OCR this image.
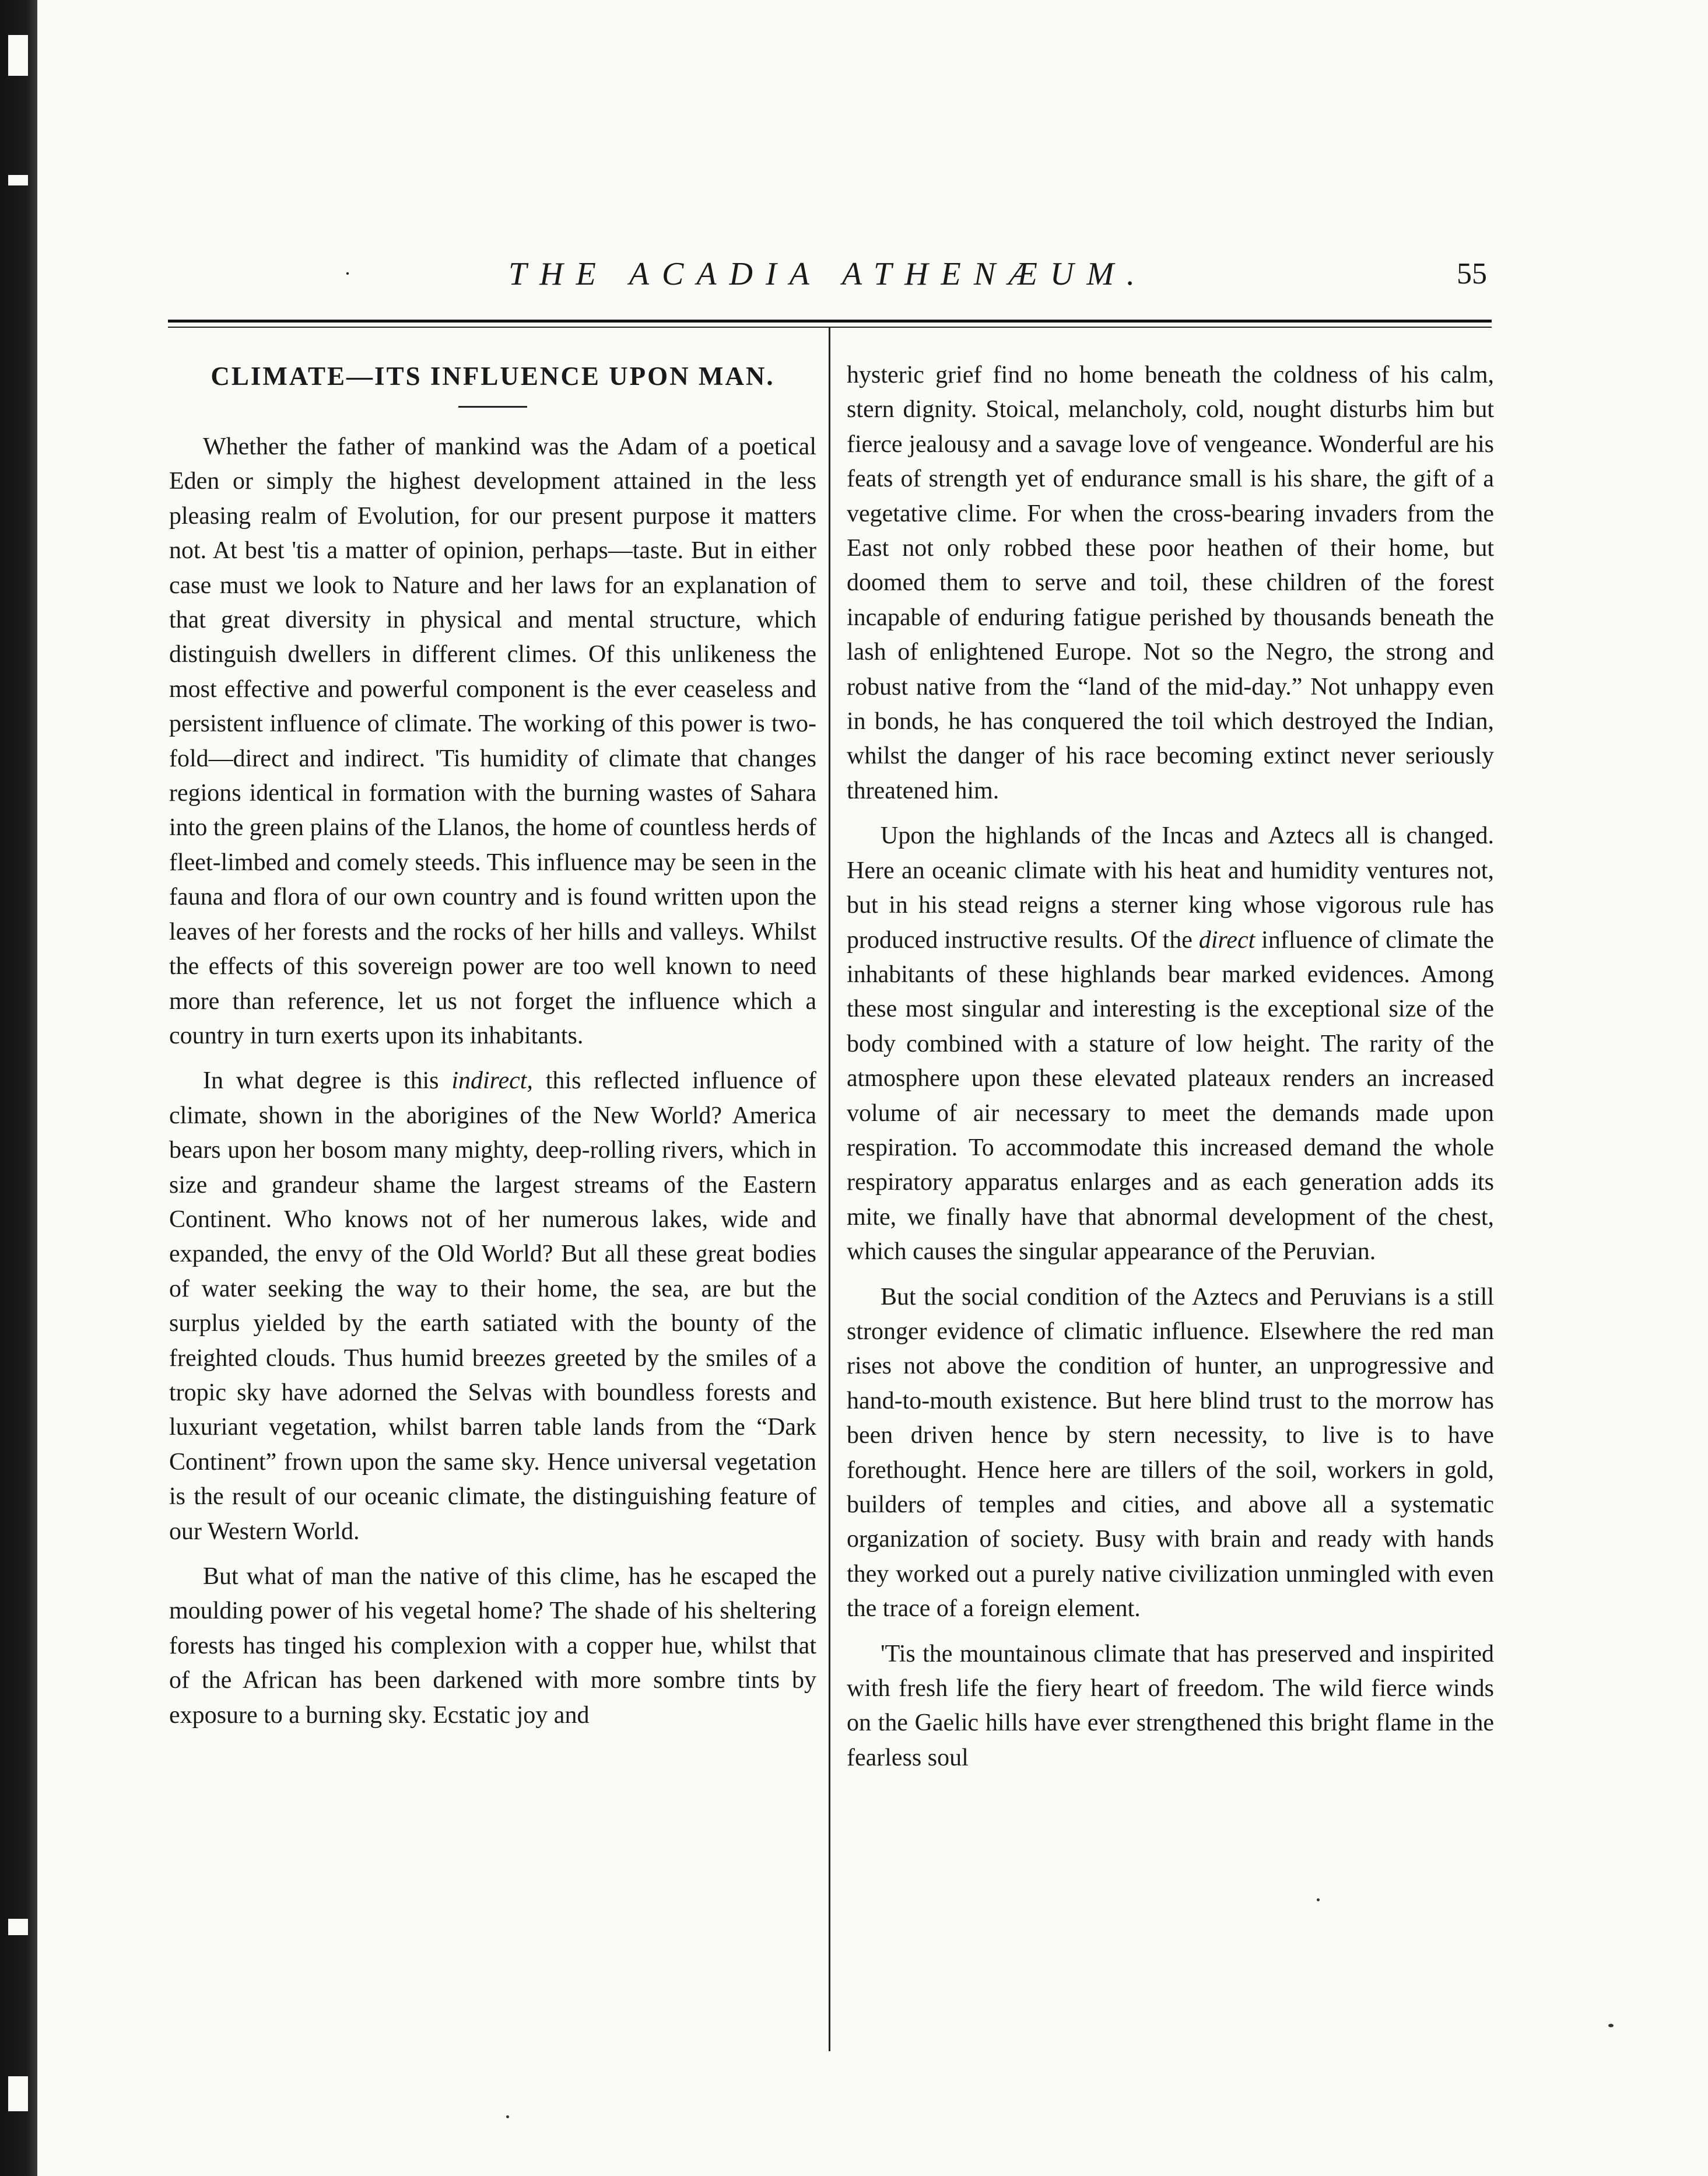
·	THE ACADIA ATHENÆUM.	55
CLIMATE—ITS INFLUENCE UPON MAN.

Whether the father of mankind was the Adam of a poetical Eden or simply the highest development attained in the less pleasing realm of Evolution, for our present purpose it matters not. At best 'tis a matter of opinion, perhaps—taste. But in either case must we look to Nature and her laws for an explanation of that great diversity in physical and mental structure, which distinguish dwellers in different climes. Of this unlikeness the most effective and powerful component is the ever ceaseless and persistent influence of climate. The working of this power is two-fold—direct and indirect. 'Tis humidity of climate that changes regions identical in formation with the burning wastes of Sahara into the green plains of the Llanos, the home of countless herds of fleet-limbed and comely steeds. This influence may be seen in the fauna and flora of our own country and is found written upon the leaves of her forests and the rocks of her hills and valleys. Whilst the effects of this sovereign power are too well known to need more than reference, let us not forget the influence which a country in turn exerts upon its inhabitants.

In what degree is this indirect, this reflected influence of climate, shown in the aborigines of the New World? America bears upon her bosom many mighty, deep-rolling rivers, which in size and grandeur shame the largest streams of the Eastern Continent. Who knows not of her numerous lakes, wide and expanded, the envy of the Old World? But all these great bodies of water seeking the way to their home, the sea, are but the surplus yielded by the earth satiated with the bounty of the freighted clouds. Thus humid breezes greeted by the smiles of a tropic sky have adorned the Selvas with boundless forests and luxuriant vegetation, whilst barren table lands from the “Dark Continent” frown upon the same sky. Hence universal vegetation is the result of our oceanic climate, the distinguishing feature of our Western World.

But what of man the native of this clime, has he escaped the moulding power of his vegetal home? The shade of his sheltering forests has tinged his complexion with a copper hue, whilst that of the African has been darkened with more sombre tints by exposure to a burning sky. Ecstatic joy and

hysteric grief find no home beneath the coldness of his calm, stern dignity. Stoical, melancholy, cold, nought disturbs him but fierce jealousy and a savage love of vengeance. Wonderful are his feats of strength yet of endurance small is his share, the gift of a vegetative clime. For when the cross-bearing invaders from the East not only robbed these poor heathen of their home, but doomed them to serve and toil, these children of the forest incapable of enduring fatigue perished by thousands beneath the lash of enlightened Europe. Not so the Negro, the strong and robust native from the “land of the mid-day.” Not unhappy even in bonds, he has conquered the toil which destroyed the Indian, whilst the danger of his race becoming extinct never seriously threatened him.

Upon the highlands of the Incas and Aztecs all is changed. Here an oceanic climate with his heat and humidity ventures not, but in his stead reigns a sterner king whose vigorous rule has produced instructive results. Of the direct influence of climate the inhabitants of these highlands bear marked evidences. Among these most singular and interesting is the exceptional size of the body combined with a stature of low height. The rarity of the atmosphere upon these elevated plateaux renders an increased volume of air necessary to meet the demands made upon respiration. To accommodate this increased demand the whole respiratory apparatus enlarges and as each generation adds its mite, we finally have that abnormal development of the chest, which causes the singular appearance of the Peruvian.

But the social condition of the Aztecs and Peruvians is a still stronger evidence of climatic influence. Elsewhere the red man rises not above the condition of hunter, an unprogressive and hand-to-mouth existence. But here blind trust to the morrow has been driven hence by stern necessity, to live is to have forethought. Hence here are tillers of the soil, workers in gold, builders of temples and cities, and above all a systematic organization of society. Busy with brain and ready with hands they worked out a purely native civilization unmingled with even the trace of a foreign element.

'Tis the mountainous climate that has preserved and inspirited with fresh life the fiery heart of freedom. The wild fierce winds on the Gaelic hills have ever strengthened this bright flame in the fearless soul
